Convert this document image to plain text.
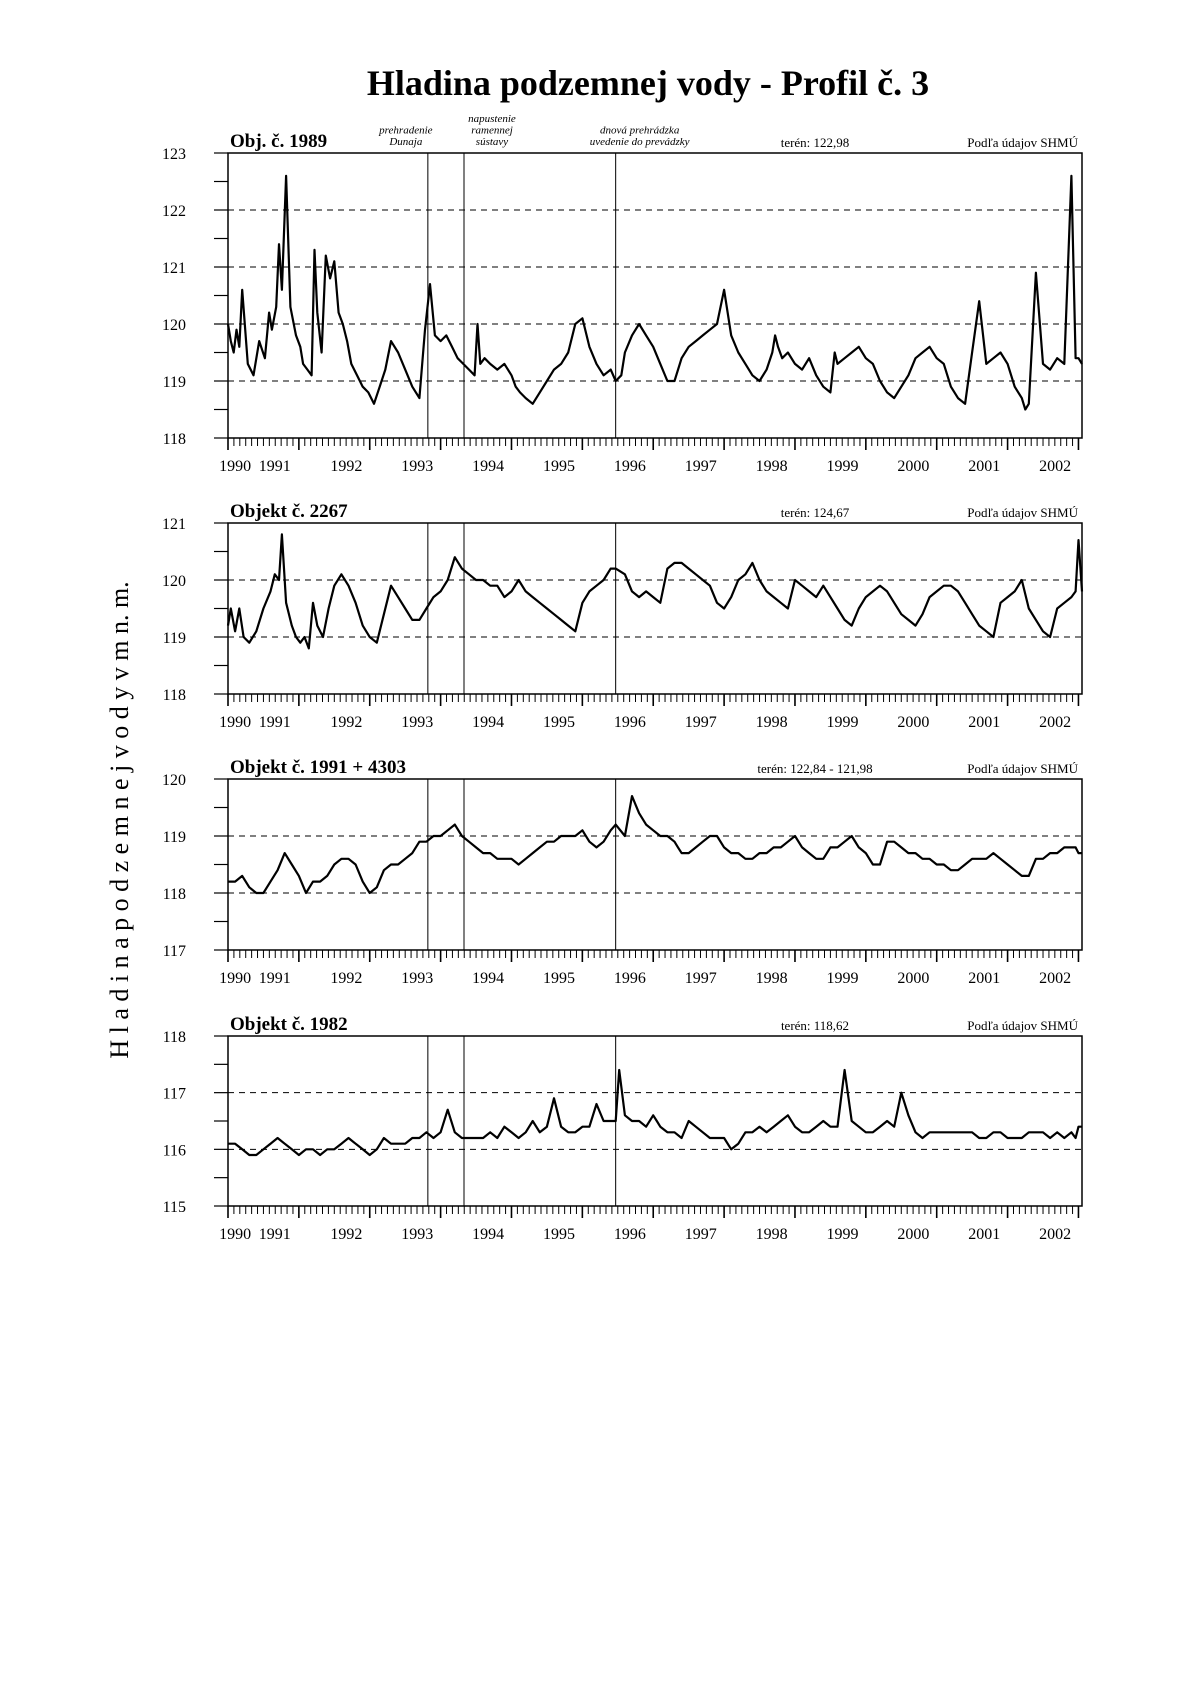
Hladina podzemnej vody - Profil č. 3
H l a d i n a p o d z e m n e j v o d y v m n. m.
118
119
120
121
122
123
1990 1991 1992 1993 1994 1995 1996 1997 1998 1999 2000 2001 2002
Obj. č. 1989	terén: 122,98	Podľa údajov SHMÚ
118
119
120
121
1990 1991 1992 1993 1994 1995 1996 1997 1998 1999 2000 2001 2002
Objekt č. 2267	terén: 124,67	Podľa údajov SHMÚ
117
118
119
120
1990 1991 1992 1993 1994 1995 1996 1997 1998 1999 2000 2001 2002
Objekt č. 1991 + 4303	terén: 122,84 - 121,98	Podľa údajov SHMÚ
115
116
117
118
1990 1991 1992 1993 1994 1995 1996 1997 1998 1999 2000 2001 2002
Objekt č. 1982	terén: 118,62	Podľa údajov SHMÚ
prehradenie
Dunaja
napustenie
ramennej
sústavy
dnová prehrádzka
uvedenie do prevádzky
